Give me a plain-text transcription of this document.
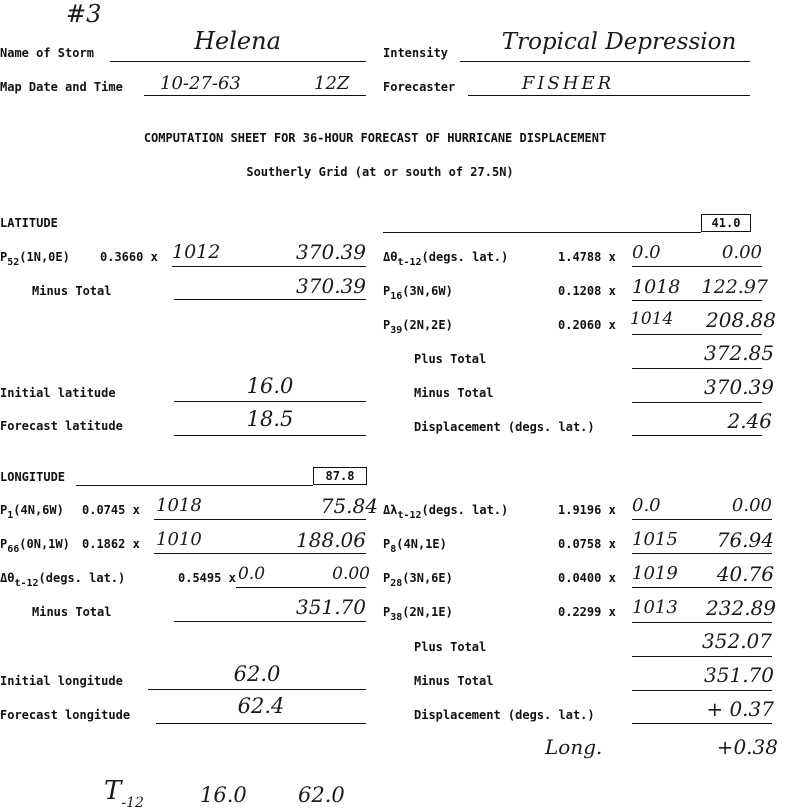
#3
Name of Storm	Helena	Intensity	Tropical Depression
Map Date and Time 10-27-63	12Z	Forecaster	FISHER
COMPUTATION SHEET FOR 36-HOUR FORECAST OF HURRICANE DISPLACEMENT
Southerly Grid (at or south of 27.5N)
LATITUDE	41.0
$P_{52}(1N,0E)$	0.3660 x 1012	370.39 $\Delta\theta_{t-12}(degs$. lat.)	1.4788 x 0.0	0.00
Minus Total	370.39 $P_{16}(3N,6W)$	0.1208 x 1018	122.97
$P_{39}(2N,2E)$	0.2060 x 1014	208.88
Plus Total	372.85
Initial latitude	16.0	Minus Total	370.39
Forecast latitude	18.5	Displacement (degs. lat.)	2.46
LONGITUDE	87.8
$P_1(4N,6W)$ 0.0745 x 1018	75.84 $\Delta\lambda_{t-12}(degs$. lat.)	1.9196 x 0.0	0.00
$P_{66}(0N,1W)$ 0.1862 x 1010	188.06 $P_8(4N,1E)$	0.0758 x 1015	76.94
$\Delta\theta_{t-12}(degs$. lat.)	0.5495 x 0.0	0.00 $P_{28}(3N,6E)$	0.0400 x 1019	40.76
Minus Total	351.70 $P_{38}(2N,1E)$	0.2299 x 1013	232.89
Plus Total	352.07
Initial longitude	62.0	Minus Total	351.70
Forecast longitude	62.4	Displacement (degs. lat.)	+ 0.37
Long.	+0.38
$T_{-12}$	16.0 62.0
